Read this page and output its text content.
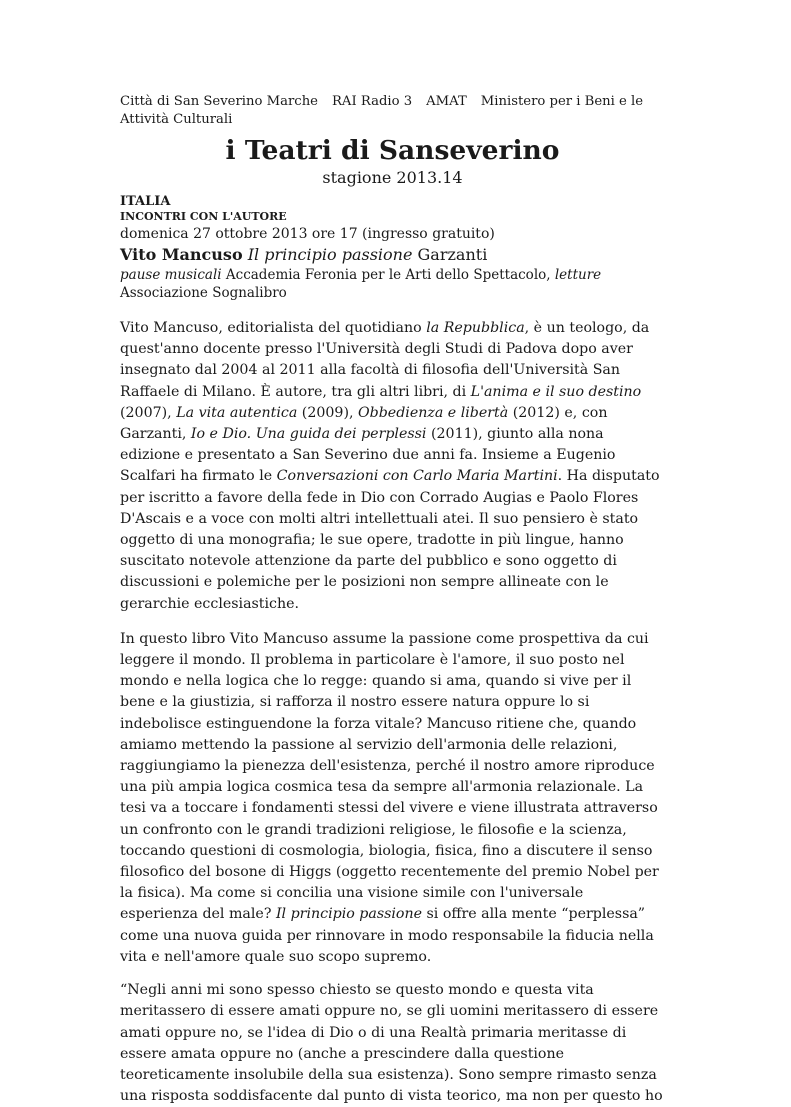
Città di San Severino Marche RAI Radio 3 AMAT Ministero per i Beni e le Attività Culturali

i Teatri di Sanseverino

stagione 2013.14

ITALIA

INCONTRI CON L'AUTORE

domenica 27 ottobre 2013 ore 17 (ingresso gratuito)

Vito Mancuso Il principio passione Garzanti

pause musicali Accademia Feronia per le Arti dello Spettacolo, letture Associazione Sognalibro

Vito Mancuso, editorialista del quotidiano la Repubblica, è un teologo, da quest'anno docente presso l'Università degli Studi di Padova dopo aver insegnato dal 2004 al 2011 alla facoltà di filosofia dell'Università San Raffaele di Milano. È autore, tra gli altri libri, di L'anima e il suo destino (2007), La vita autentica (2009), Obbedienza e libertà (2012) e, con Garzanti, Io e Dio. Una guida dei perplessi (2011), giunto alla nona edizione e presentato a San Severino due anni fa. Insieme a Eugenio Scalfari ha firmato le Conversazioni con Carlo Maria Martini. Ha disputato per iscritto a favore della fede in Dio con Corrado Augias e Paolo Flores D'Ascais e a voce con molti altri intellettuali atei. Il suo pensiero è stato oggetto di una monografia; le sue opere, tradotte in più lingue, hanno suscitato notevole attenzione da parte del pubblico e sono oggetto di discussioni e polemiche per le posizioni non sempre allineate con le gerarchie ecclesiastiche.

In questo libro Vito Mancuso assume la passione come prospettiva da cui leggere il mondo. Il problema in particolare è l'amore, il suo posto nel mondo e nella logica che lo regge: quando si ama, quando si vive per il bene e la giustizia, si rafforza il nostro essere natura oppure lo si indebolisce estinguendone la forza vitale? Mancuso ritiene che, quando amiamo mettendo la passione al servizio dell'armonia delle relazioni, raggiungiamo la pienezza dell'esistenza, perché il nostro amore riproduce una più ampia logica cosmica tesa da sempre all'armonia relazionale. La tesi va a toccare i fondamenti stessi del vivere e viene illustrata attraverso un confronto con le grandi tradizioni religiose, le filosofie e la scienza, toccando questioni di cosmologia, biologia, fisica, fino a discutere il senso filosofico del bosone di Higgs (oggetto recentemente del premio Nobel per la fisica). Ma come si concilia una visione simile con l'universale esperienza del male? Il principio passione si offre alla mente “perplessa” come una nuova guida per rinnovare in modo responsabile la fiducia nella vita e nell'amore quale suo scopo supremo.

“Negli anni mi sono spesso chiesto se questo mondo e questa vita meritassero di essere amati oppure no, se gli uomini meritassero di essere amati oppure no, se l'idea di Dio o di una Realtà primaria meritasse di essere amata oppure no (anche a prescindere dalla questione teoreticamente insolubile della sua esistenza). Sono sempre rimasto senza una risposta soddisfacente dal punto di vista teorico, ma non per questo ho
